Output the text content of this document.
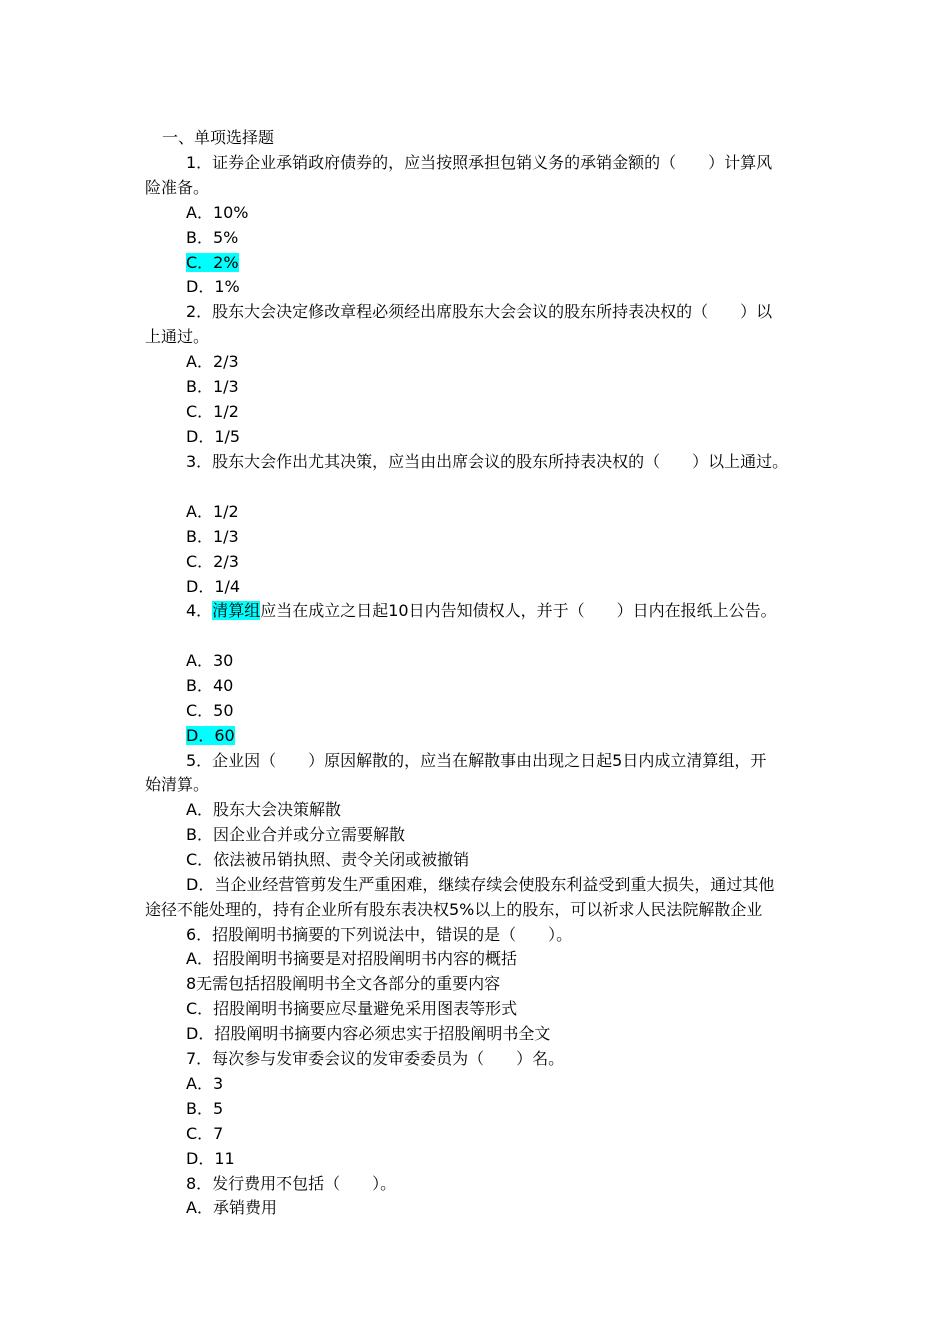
一、单项选择题
1．证券企业承销政府债券的，应当按照承担包销义务的承销金额的（　　）计算风
险准备。
A．10%
B．5%
C．2%
D．1%
2．股东大会决定修改章程必须经出席股东大会会议的股东所持表决权的（　　）以
上通过。
A．2/3
B．1/3
C．1/2
D．1/5
3．股东大会作出尤其决策，应当由出席会议的股东所持表决权的（　　）以上通过。
A．1/2
B．1/3
C．2/3
D．1/4
4．清算组应当在成立之日起10日内告知债权人，并于（　　）日内在报纸上公告。
A．30
B．40
C．50
D．60
5．企业因（　　）原因解散的，应当在解散事由出现之日起5日内成立清算组，开
始清算。
A．股东大会决策解散
B．因企业合并或分立需要解散
C．依法被吊销执照、责令关闭或被撤销
D．当企业经营管剪发生严重困难，继续存续会使股东利益受到重大损失，通过其他
途径不能处理的，持有企业所有股东表决权5%以上的股东，可以祈求人民法院解散企业
6．招股阐明书摘要的下列说法中，错误的是（　　）。
A．招股阐明书摘要是对招股阐明书内容的概括
8无需包括招股阐明书全文各部分的重要内容
C．招股阐明书摘要应尽量避免采用图表等形式
D．招股阐明书摘要内容必须忠实于招股阐明书全文
7．每次参与发审委会议的发审委委员为（　　）名。
A．3
B．5
C．7
D．11
8．发行费用不包括（　　）。
A．承销费用
